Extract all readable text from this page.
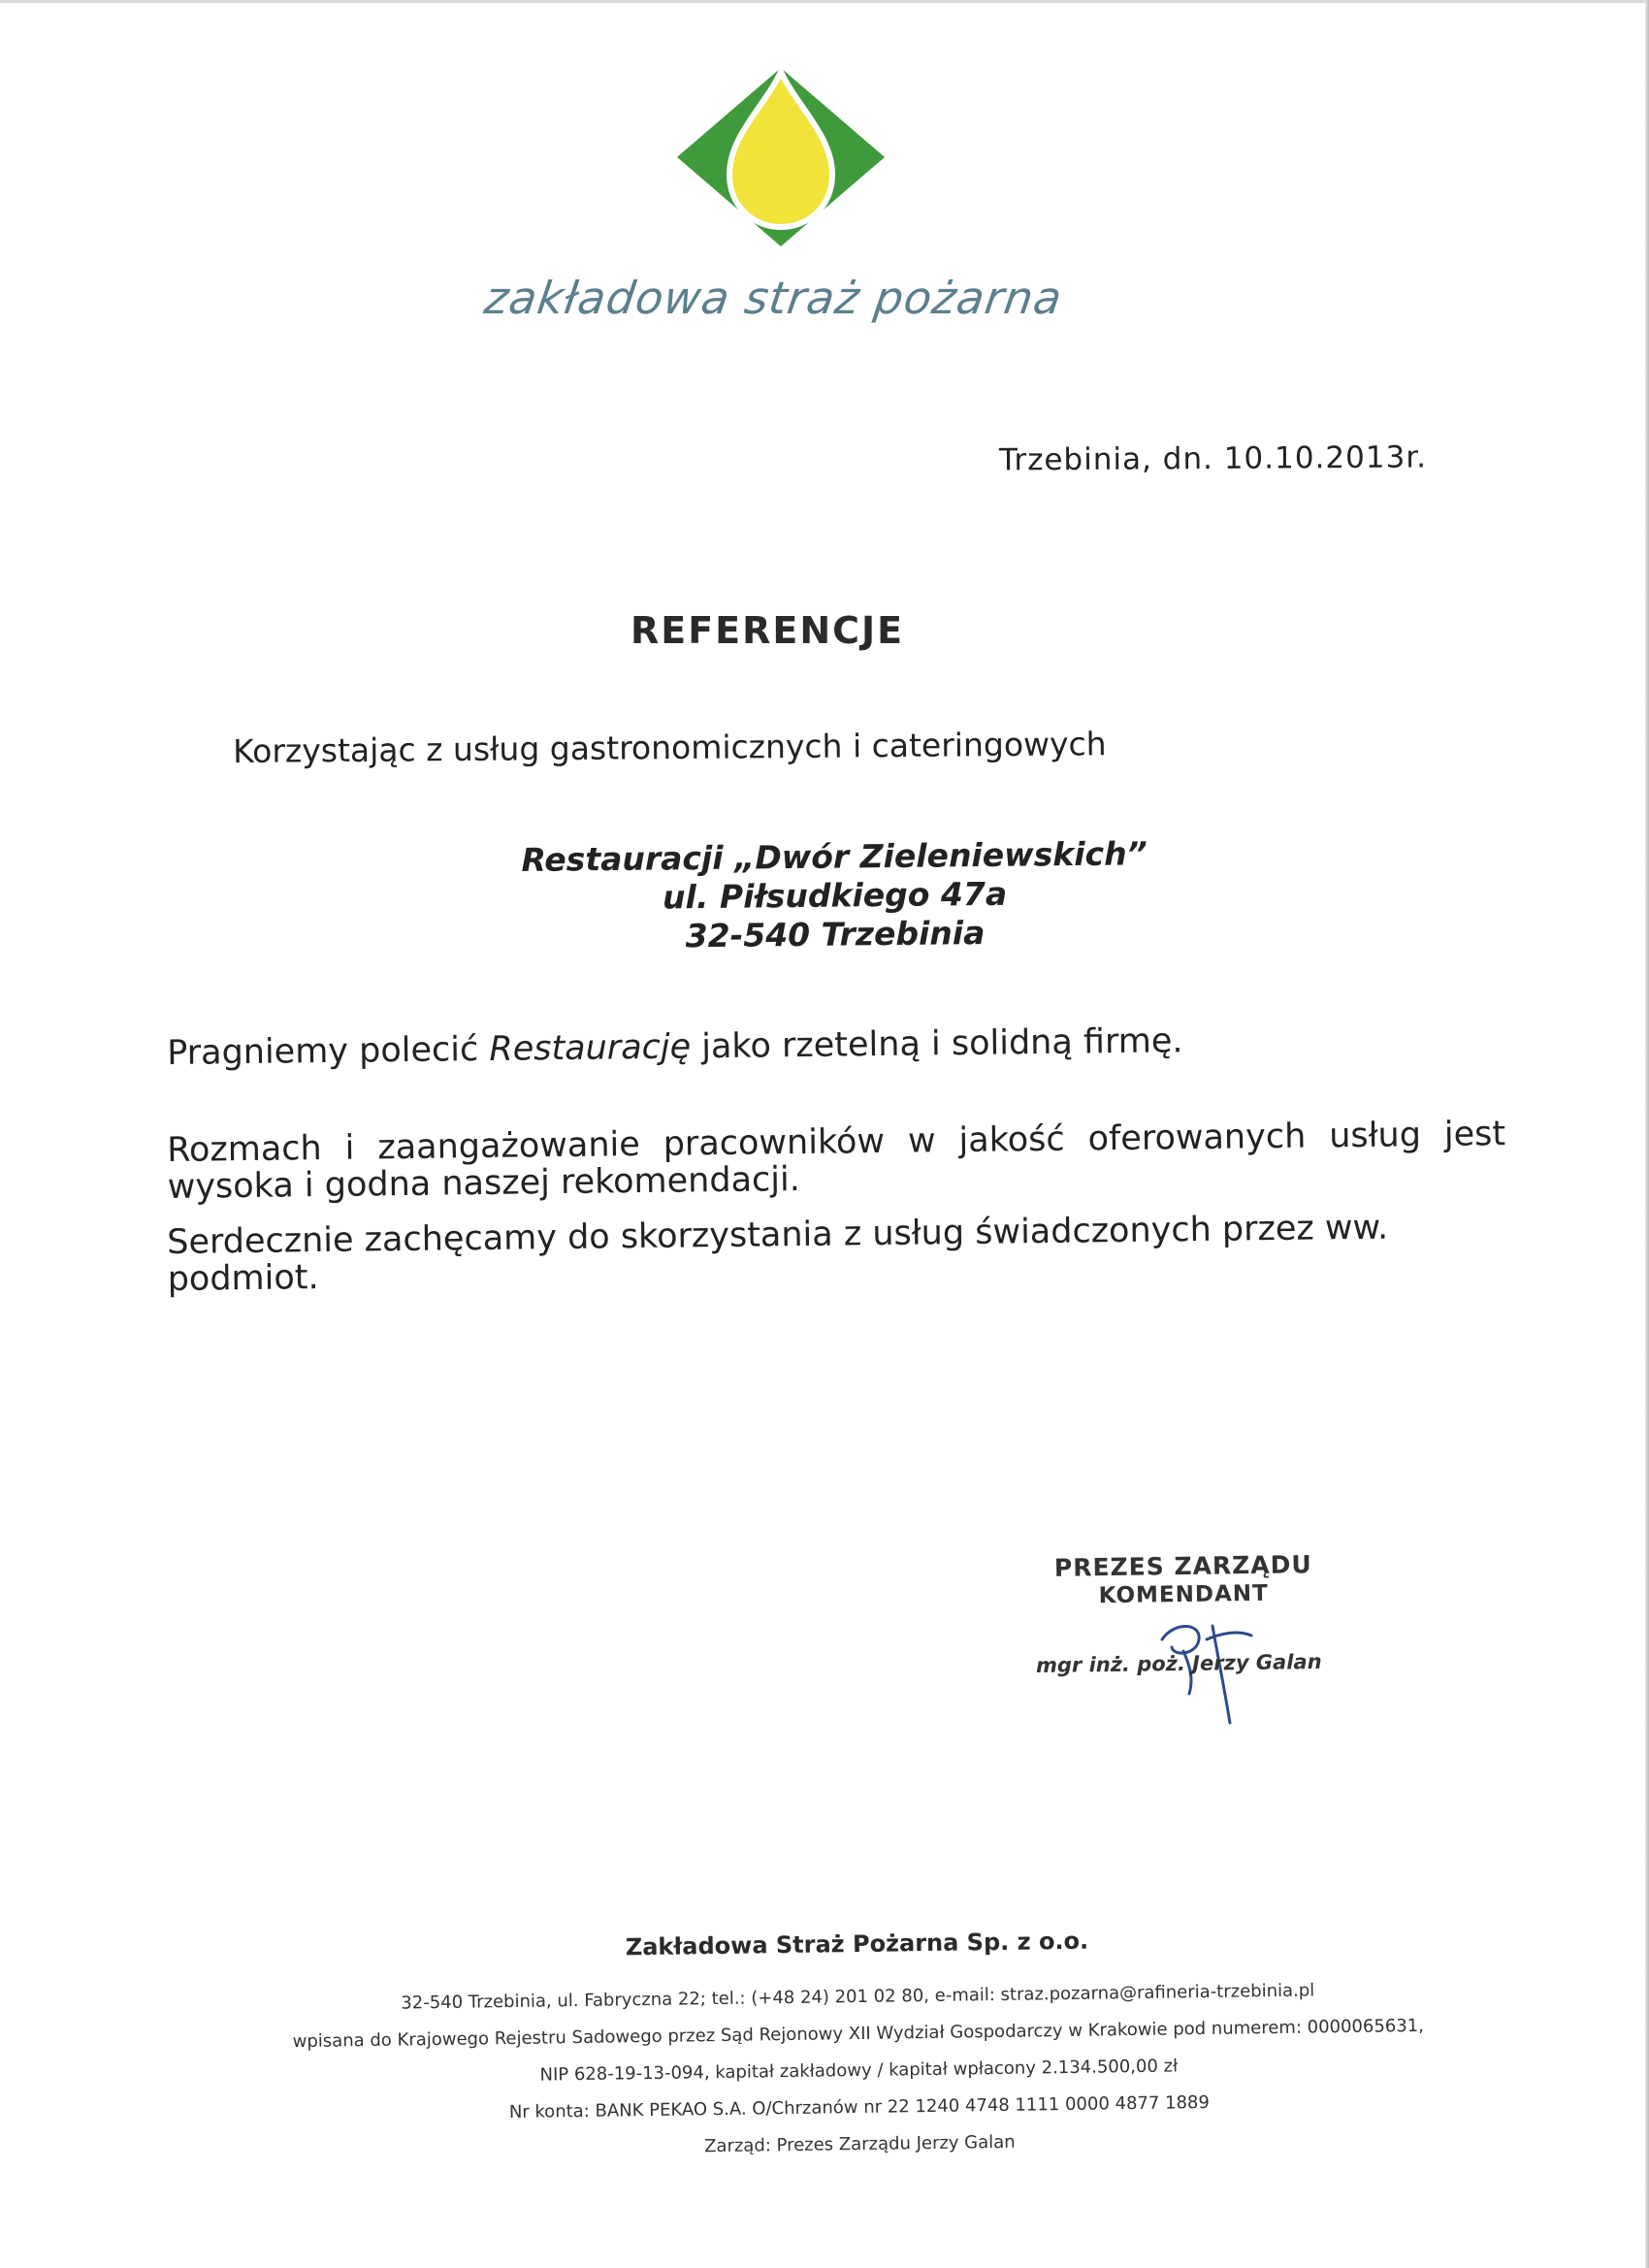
zakładowa straż pożarna
Trzebinia, dn. 10.10.2013r.
REFERENCJE
Korzystając z usług gastronomicznych i cateringowych
Restauracji „Dwór Zieleniewskich”
ul. Piłsudkiego 47a
32-540 Trzebinia
Pragniemy polecić Restaurację jako rzetelną i solidną firmę.
Rozmach i zaangażowanie pracowników w jakość oferowanych usług jest wysoka i godna naszej rekomendacji.
Serdecznie zachęcamy do skorzystania z usług świadczonych przez ww. podmiot.
PREZES ZARZĄDU
KOMENDANT
mgr inż. poż. Jerzy Galan
Zakładowa Straż Pożarna Sp. z o.o.
32-540 Trzebinia, ul. Fabryczna 22; tel.: (+48 24) 201 02 80, e-mail: straz.pozarna@rafineria-trzebinia.pl
wpisana do Krajowego Rejestru Sadowego przez Sąd Rejonowy XII Wydział Gospodarczy w Krakowie pod numerem: 0000065631,
NIP 628-19-13-094, kapitał zakładowy / kapitał wpłacony 2.134.500,00 zł
Nr konta: BANK PEKAO S.A. O/Chrzanów nr 22 1240 4748 1111 0000 4877 1889
Zarząd: Prezes Zarządu Jerzy Galan
